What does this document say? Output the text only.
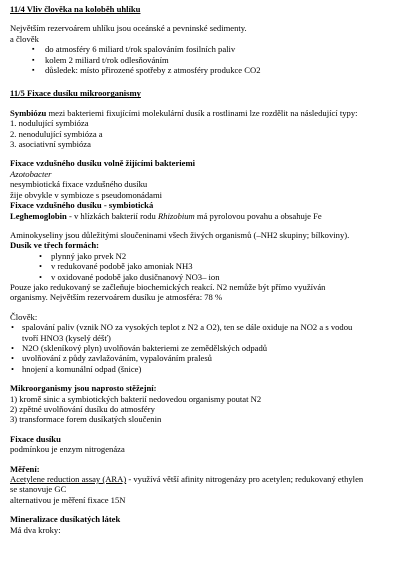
11/4 Vliv člověka na koloběh uhlíku

Největším rezervoárem uhlíku jsou oceánské a pevninské sedimenty.

a člověk

▪ do atmosféry 6 miliard t/rok spalováním fosilních paliv
▪ kolem 2 miliard t/rok odlesňováním
▪ důsledek: místo přirozené spotřeby z atmosféry produkce CO2

11/5 Fixace dusíku mikroorganismy

Symbiózu mezi bakteriemi fixujícími molekulární dusík a rostlinami lze rozdělit na následující typy:

1. nodulující symbióza

2. nenodulující symbióza a

3. asociativní symbióza

Fixace vzdušného dusíku volně žijícími bakteriemi

Azotobacter

nesymbiotická fixace vzdušného dusíku

žije obvykle v symbioze s pseudomonádami

Fixace vzdušného dusíku - symbiotická

Leghemoglobin - v hlízkách bakterií rodu Rhizobium má pyrolovou povahu a obsahuje Fe

Aminokyseliny jsou důležitými sloučeninami všech živých organismů (–NH2 skupiny; bílkoviny).

Dusík ve třech formách:

• plynný jako prvek N2
• v redukované podobě jako amoniak NH3
• v oxidované podobě jako dusičnanový NO3– ion

Pouze jako redukovaný se začleňuje biochemických reakcí. N2 nemůže být přímo využíván

organismy. Největším rezervoárem dusíku je atmosféra: 78 %

Člověk:

• spalování paliv (vznik NO za vysokých teplot z N2 a O2), ten se dále oxiduje na NO2 a s vodou
tvoří HNO3 (kyselý déšť)
• N2O (skleníkový plyn) uvolňován bakteriemi ze zemědělských odpadů
• uvolňování z půdy zavlažováním, vypalováním pralesů
• hnojení a komunální odpad (šnice)

Mikroorganismy jsou naprosto stěžejní:

1) kromě sinic a symbiotických bakterií nedovedou organismy poutat N2

2) zpětné uvolňování dusíku do atmosféry

3) transformace forem dusíkatých sloučenin

Fixace dusíku

podmínkou je enzym nitrogenáza

Měření:

Acetylene reduction assay (ARA) - využívá větší afinity nitrogenázy pro acetylen; redukovaný ethylen

se stanovuje GC

alternativou je měření fixace 15N

Mineralizace dusíkatých látek

Má dva kroky:
